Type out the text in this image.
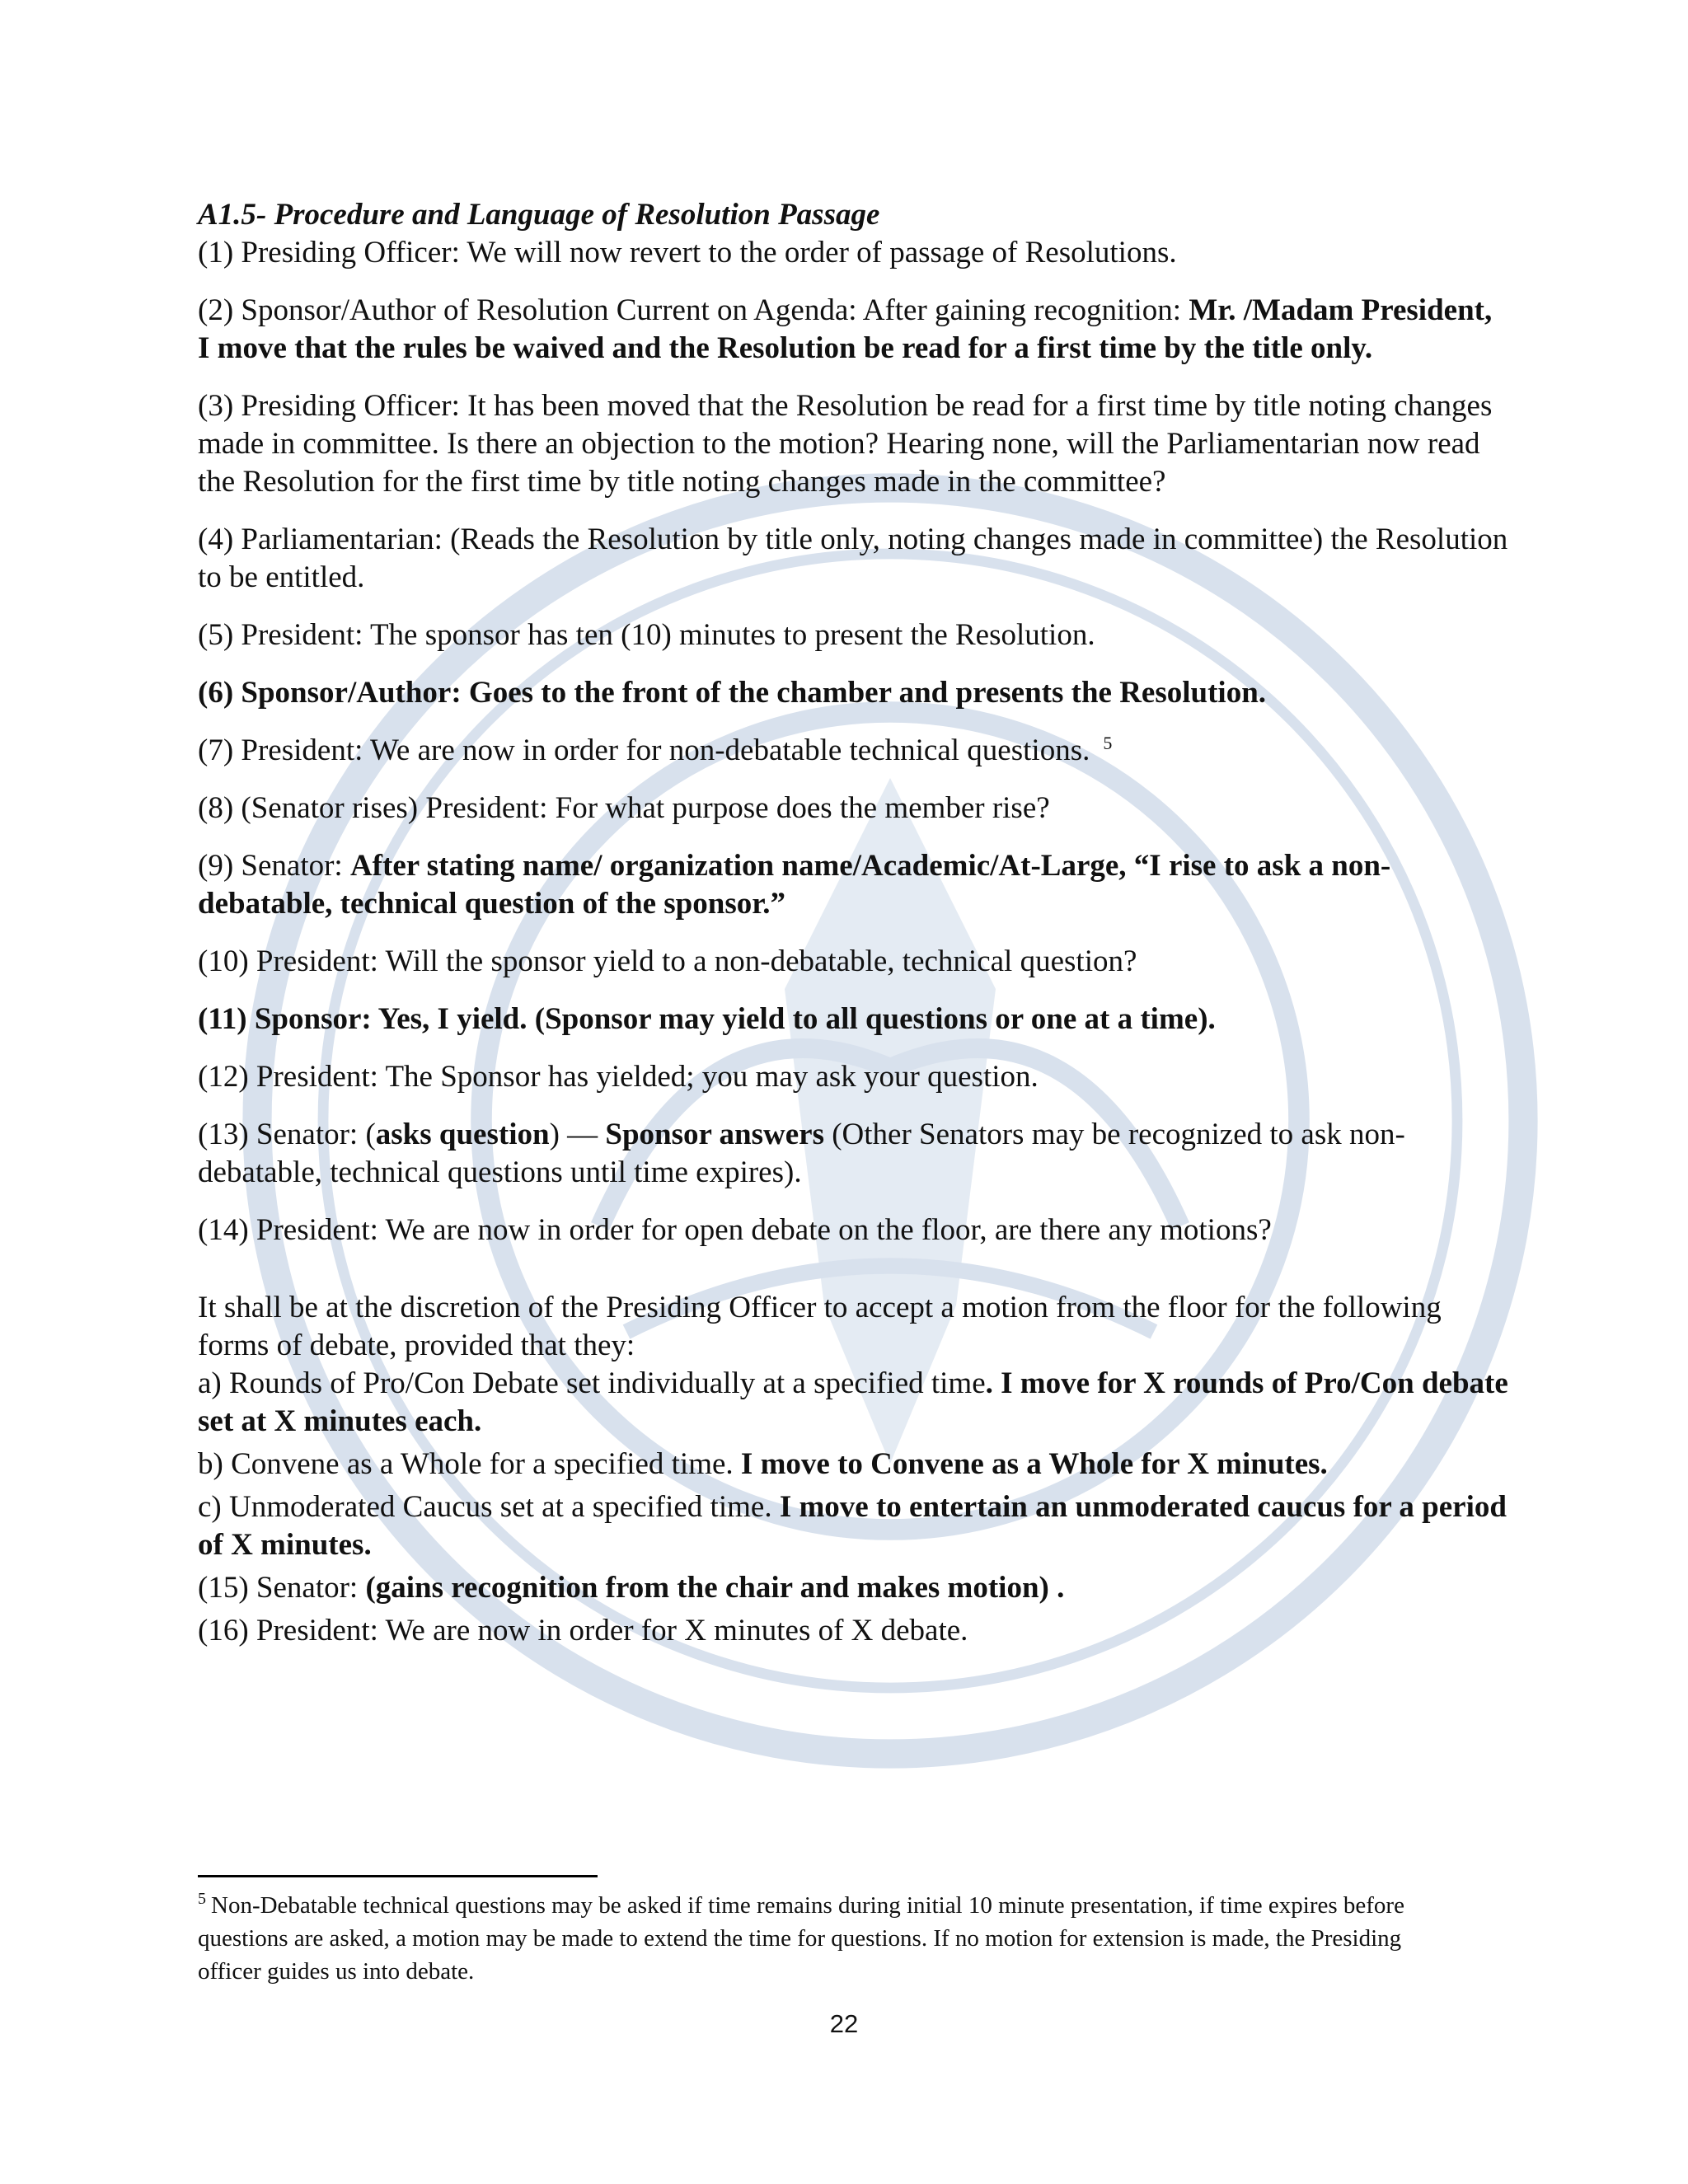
A1.5- Procedure and Language of Resolution Passage

(1) Presiding Officer: We will now revert to the order of passage of Resolutions.

(2) Sponsor/Author of Resolution Current on Agenda: After gaining recognition: Mr. /Madam President, I move that the rules be waived and the Resolution be read for a first time by the title only.

(3) Presiding Officer: It has been moved that the Resolution be read for a first time by title noting changes made in committee. Is there an objection to the motion? Hearing none, will the Parliamentarian now read the Resolution for the first time by title noting changes made in the committee?

(4) Parliamentarian: (Reads the Resolution by title only, noting changes made in committee) the Resolution to be entitled.

(5) President: The sponsor has ten (10) minutes to present the Resolution.

(6) Sponsor/Author: Goes to the front of the chamber and presents the Resolution.

(7) President: We are now in order for non-debatable technical questions. $^5$

(8) (Senator rises) President: For what purpose does the member rise?

(9) Senator: After stating name/ organization name/Academic/At-Large, “I rise to ask a non-debatable, technical question of the sponsor.”

(10) President: Will the sponsor yield to a non-debatable, technical question?

(11) Sponsor: Yes, I yield. (Sponsor may yield to all questions or one at a time).

(12) President: The Sponsor has yielded; you may ask your question.

(13) Senator: (asks question) — Sponsor answers (Other Senators may be recognized to ask non-debatable, technical questions until time expires).

(14) President: We are now in order for open debate on the floor, are there any motions?

It shall be at the discretion of the Presiding Officer to accept a motion from the floor for the following forms of debate, provided that they:

a) Rounds of Pro/Con Debate set individually at a specified time. I move for X rounds of Pro/Con debate set at X minutes each.

b) Convene as a Whole for a specified time. I move to Convene as a Whole for X minutes.

c) Unmoderated Caucus set at a specified time. I move to entertain an unmoderated caucus for a period of X minutes.

(15) Senator: (gains recognition from the chair and makes motion) .

(16) President: We are now in order for X minutes of X debate.

$^5$ Non-Debatable technical questions may be asked if time remains during initial 10 minute presentation, if time expires before questions are asked, a motion may be made to extend the time for questions. If no motion for extension is made, the Presiding officer guides us into debate.
22
